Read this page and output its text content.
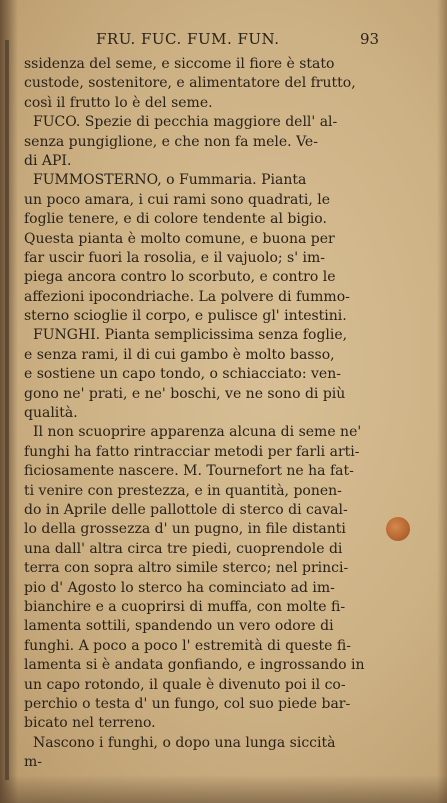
FRU. FUC. FUM. FUN.	93
ssidenza del seme, e siccome il fiore è stato
custode, sostenitore, e alimentatore del frutto,
così il frutto lo è del seme.
FUCO. Spezie di pecchia maggiore dell' al-
senza pungiglione, e che non fa mele. Ve-
di API.
FUMMOSTERNO, o Fummaria. Pianta
un poco amara, i cui rami sono quadrati, le
foglie tenere, e di colore tendente al bigio.
Questa pianta è molto comune, e buona per
far uscir fuori la rosolia, e il vajuolo; s' im-
piega ancora contro lo scorbuto, e contro le
affezioni ipocondriache. La polvere di fummo-
sterno scioglie il corpo, e pulisce gl' intestini.
FUNGHI. Pianta semplicissima senza foglie,
e senza rami, il di cui gambo è molto basso,
e sostiene un capo tondo, o schiacciato: ven-
gono ne' prati, e ne' boschi, ve ne sono di più
qualità.
Il non scuoprire apparenza alcuna di seme ne'
funghi ha fatto rintracciar metodi per farli arti-
ficiosamente nascere. M. Tournefort ne ha fat-
ti venire con prestezza, e in quantità, ponen-
do in Aprile delle pallottole di sterco di caval-
lo della grossezza d' un pugno, in file distanti
una dall' altra circa tre piedi, cuoprendole di
terra con sopra altro simile sterco; nel princi-
pio d' Agosto lo sterco ha cominciato ad im-
bianchire e a cuoprirsi di muffa, con molte fi-
lamenta sottili, spandendo un vero odore di
funghi. A poco a poco l' estremità di queste fi-
lamenta si è andata gonfiando, e ingrossando in
un capo rotondo, il quale è divenuto poi il co-
perchio o testa d' un fungo, col suo piede bar-
bicato nel terreno.
Nascono i funghi, o dopo una lunga siccità
m-
